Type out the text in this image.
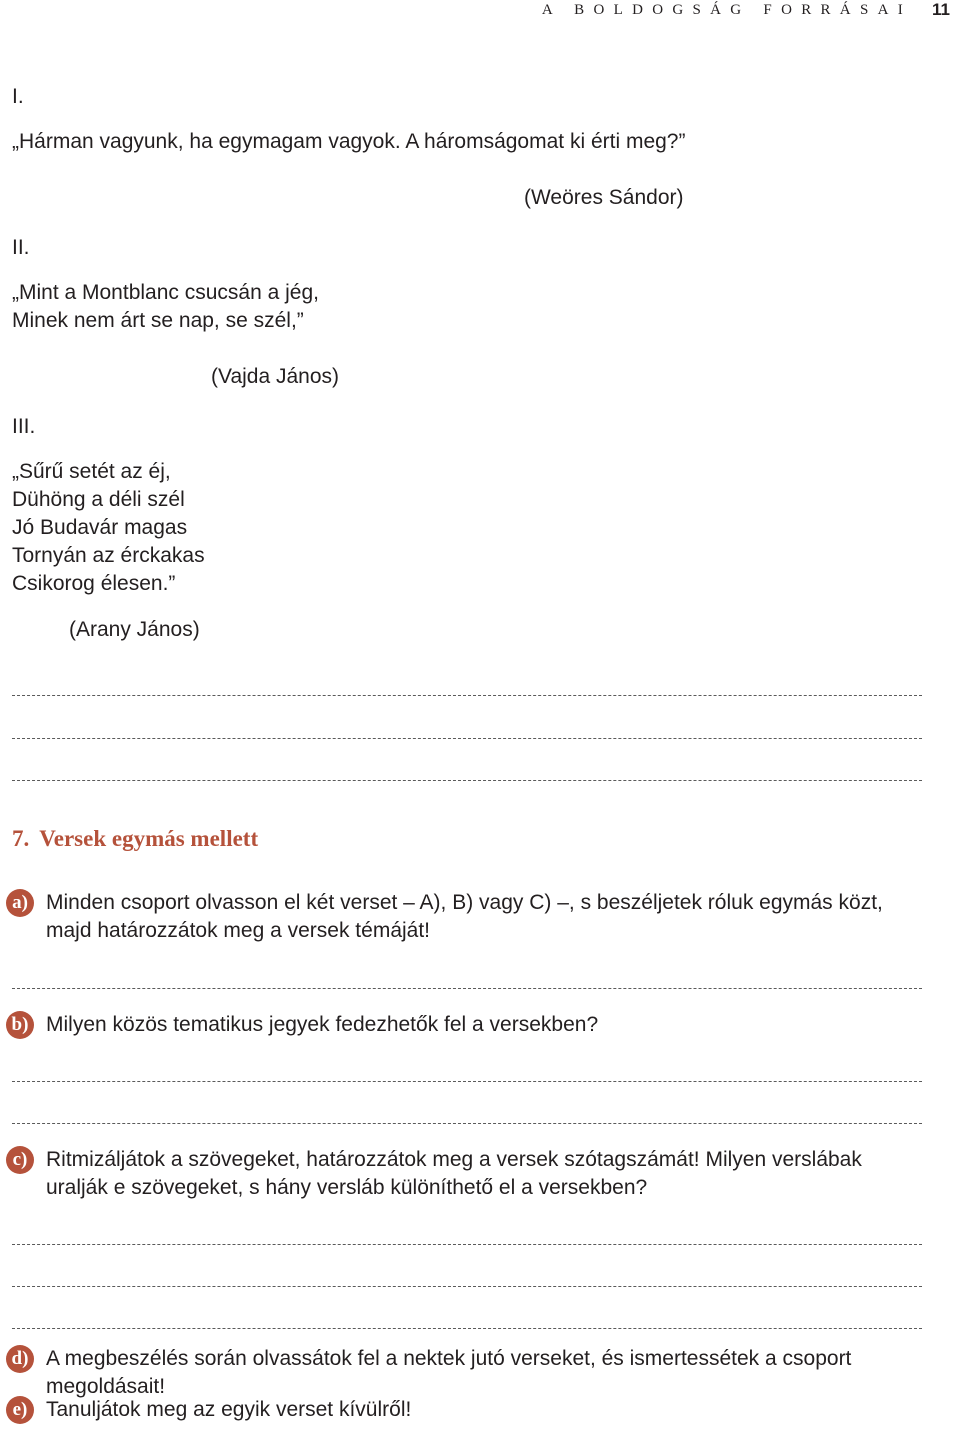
A BOLDOGSÁG FORRÁSAI 11
I.
„Hárman vagyunk, ha egymagam vagyok. A háromságomat ki érti meg?”
(Weöres Sándor)
II.
„Mint a Montblanc csucsán a jég,
Minek nem árt se nap, se szél,”
(Vajda János)
III.
„Sűrű setét az éj,
Dühöng a déli szél
Jó Budavár magas
Tornyán az érckakas
Csikorog élesen.”
(Arany János)
7. Versek egymás mellett
a) Minden csoport olvasson el két verset – A), B) vagy C) –, s beszéljetek róluk egymás közt, majd határozzátok meg a versek témáját!
b) Milyen közös tematikus jegyek fedezhetők fel a versekben?
c) Ritmizáljátok a szövegeket, határozzátok meg a versek szótagszámát! Milyen verslábak uralják e szövegeket, s hány versláb különíthető el a versekben?
d) A megbeszélés során olvassátok fel a nektek jutó verseket, és ismertessétek a csoport megoldásait!
e) Tanuljátok meg az egyik verset kívülről!
